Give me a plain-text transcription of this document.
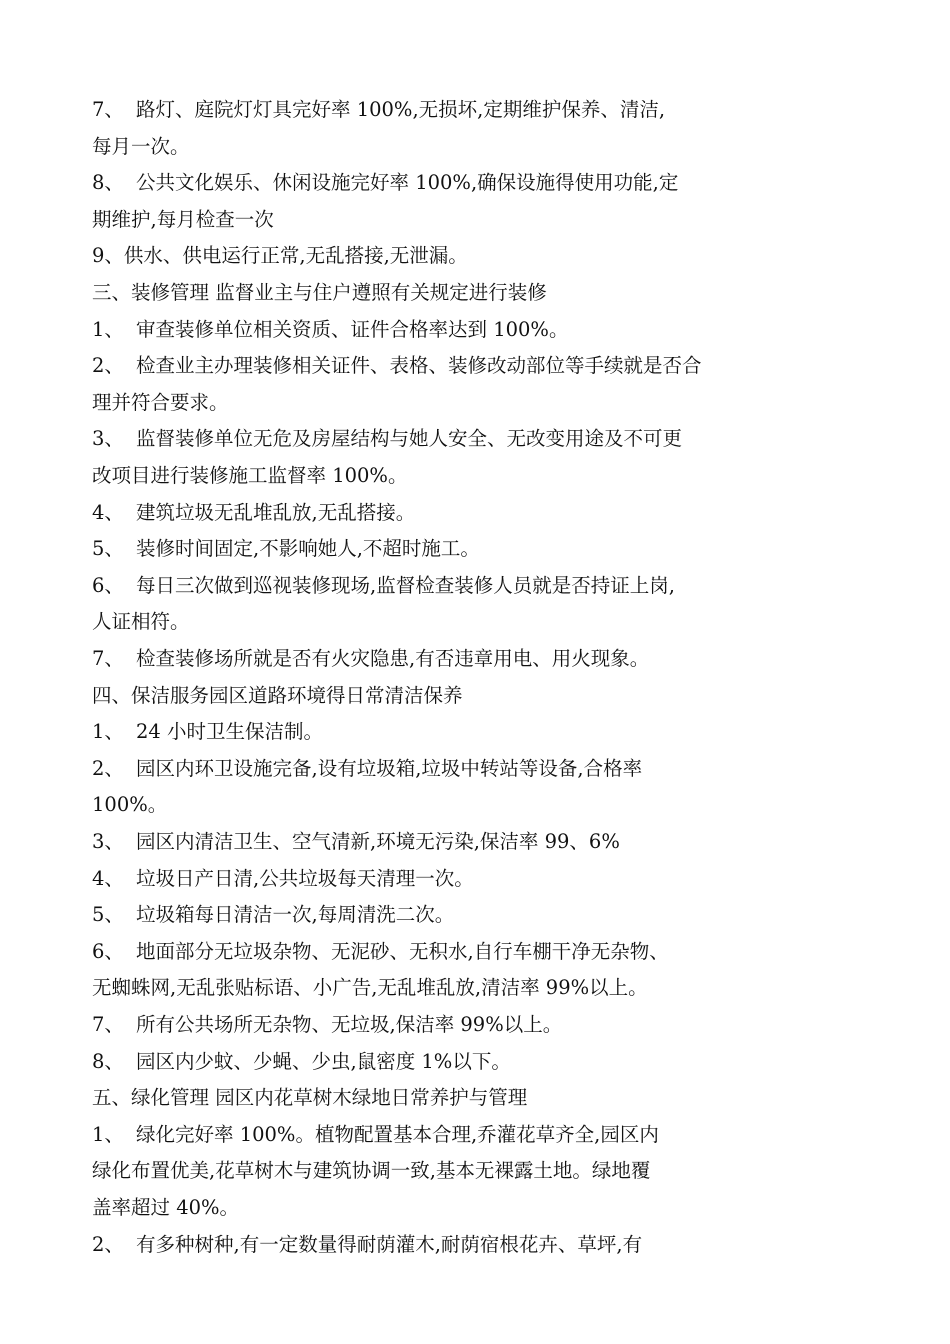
7、 路灯、庭院灯灯具完好率 100%,无损坏,定期维护保养、清洁,
每月一次。
8、 公共文化娱乐、休闲设施完好率 100%,确保设施得使用功能,定
期维护,每月检查一次
9、供水、供电运行正常,无乱搭接,无泄漏。
三、装修管理 监督业主与住户遵照有关规定进行装修
1、 审查装修单位相关资质、证件合格率达到 100%。
2、 检查业主办理装修相关证件、表格、装修改动部位等手续就是否合
理并符合要求。
3、 监督装修单位无危及房屋结构与她人安全、无改变用途及不可更
改项目进行装修施工监督率 100%。
4、 建筑垃圾无乱堆乱放,无乱搭接。
5、 装修时间固定,不影响她人,不超时施工。
6、 每日三次做到巡视装修现场,监督检查装修人员就是否持证上岗,
人证相符。
7、 检查装修场所就是否有火灾隐患,有否违章用电、用火现象。
四、保洁服务园区道路环境得日常清洁保养
1、 24 小时卫生保洁制。
2、 园区内环卫设施完备,设有垃圾箱,垃圾中转站等设备,合格率
100%。
3、 园区内清洁卫生、空气清新,环境无污染,保洁率 99、6%
4、 垃圾日产日清,公共垃圾每天清理一次。
5、 垃圾箱每日清洁一次,每周清洗二次。
6、 地面部分无垃圾杂物、无泥砂、无积水,自行车棚干净无杂物、
无蜘蛛网,无乱张贴标语、小广告,无乱堆乱放,清洁率 99%以上。
7、 所有公共场所无杂物、无垃圾,保洁率 99%以上。
8、 园区内少蚊、少蝇、少虫,鼠密度 1%以下。
五、绿化管理 园区内花草树木绿地日常养护与管理
1、 绿化完好率 100%。植物配置基本合理,乔灌花草齐全,园区内
绿化布置优美,花草树木与建筑协调一致,基本无裸露土地。绿地覆
盖率超过 40%。
2、 有多种树种,有一定数量得耐荫灌木,耐荫宿根花卉、草坪,有
